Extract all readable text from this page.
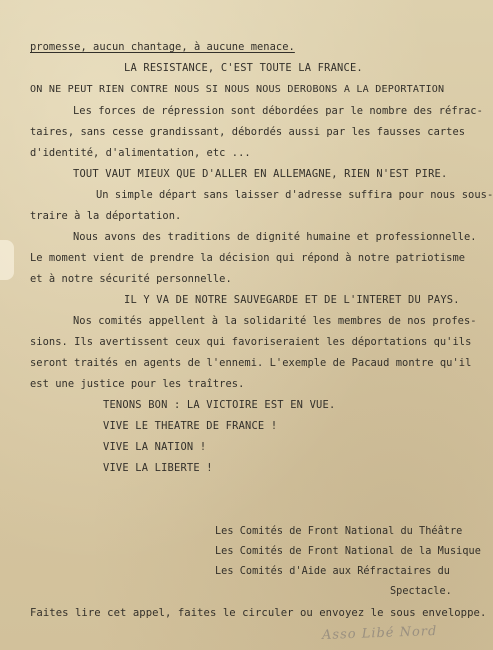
promesse, aucun chantage, à aucune menace.
LA RESISTANCE, C'EST TOUTE LA FRANCE.
ON NE PEUT RIEN CONTRE NOUS SI NOUS NOUS DEROBONS A LA DEPORTATION
Les forces de répression sont débordées par le nombre des réfrac-
taires, sans cesse grandissant, débordés aussi par les fausses cartes
d'identité, d'alimentation, etc ...
TOUT VAUT MIEUX QUE D'ALLER EN ALLEMAGNE, RIEN N'EST PIRE.
Un simple départ sans laisser d'adresse suffira pour nous sous-
traire à la déportation.
Nous avons des traditions de dignité humaine et professionnelle.
Le moment vient de prendre la décision qui répond à notre patriotisme
et à notre sécurité personnelle.
IL Y VA DE NOTRE SAUVEGARDE ET DE L'INTERET DU PAYS.
Nos comités appellent à la solidarité les membres de nos profes-
sions. Ils avertissent ceux qui favoriseraient les déportations qu'ils
seront traités en agents de l'ennemi. L'exemple de Pacaud montre qu'il
est une justice pour les traîtres.
TENONS BON : LA VICTOIRE EST EN VUE.
VIVE LE THEATRE DE FRANCE !
VIVE LA NATION !
VIVE LA LIBERTE !
Les Comités de Front National du Théâtre
Les Comités de Front National de la Musique
Les Comités d'Aide aux Réfractaires du
Spectacle.
Faites lire cet appel, faites le circuler ou envoyez le sous enveloppe.
Asso Libé Nord
